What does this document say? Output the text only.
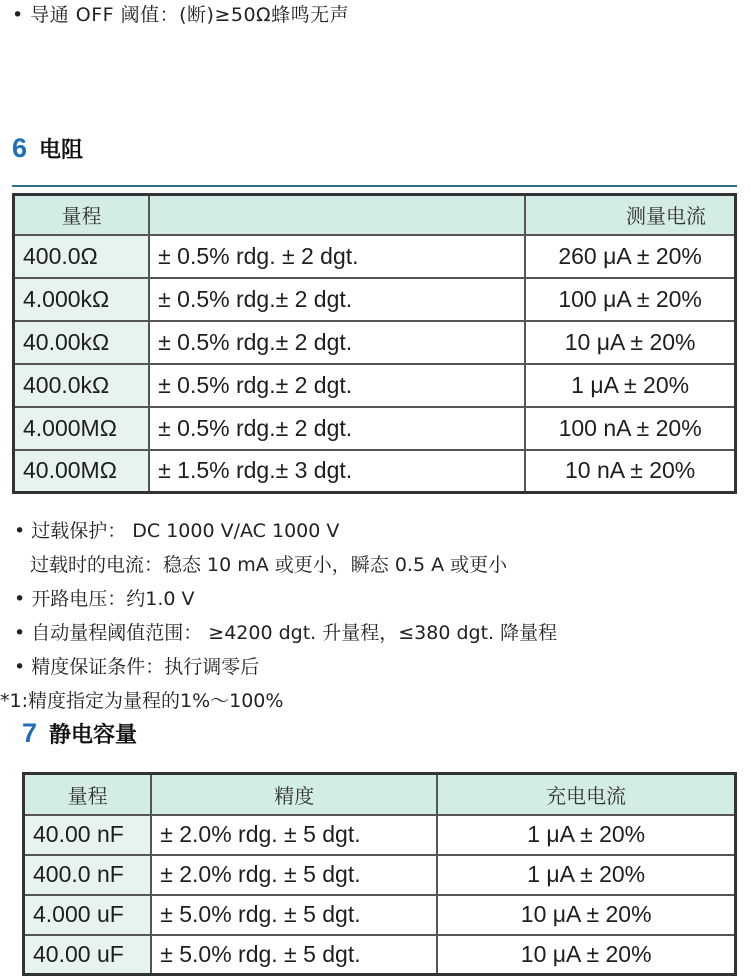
• 导通 OFF 阈值：(断)≥50Ω蜂鸣无声
6 电阻
量程		测量电流
400.0Ω	± 0.5% rdg. ± 2 dgt.	260 μA ± 20%
4.000kΩ	± 0.5% rdg.± 2 dgt.	100 μA ± 20%
40.00kΩ	± 0.5% rdg.± 2 dgt.	10 μA ± 20%
400.0kΩ	± 0.5% rdg.± 2 dgt.	1 μA ± 20%
4.000MΩ	± 0.5% rdg.± 2 dgt.	100 nA ± 20%
40.00MΩ	± 1.5% rdg.± 3 dgt.	10 nA ± 20%
• 过载保护： DC 1000 V/AC 1000 V
过载时的电流：稳态 10 mA 或更小，瞬态 0.5 A 或更小
• 开路电压：约1.0 V
• 自动量程阈值范围： ≥4200 dgt. 升量程，≤380 dgt. 降量程
• 精度保证条件：执行调零后
*1:精度指定为量程的1%～100%
7 静电容量
量程	精度	充电电流
40.00 nF	± 2.0% rdg. ± 5 dgt.	1 μA ± 20%
400.0 nF	± 2.0% rdg. ± 5 dgt.	1 μA ± 20%
4.000 uF	± 5.0% rdg. ± 5 dgt.	10 μA ± 20%
40.00 uF	± 5.0% rdg. ± 5 dgt.	10 μA ± 20%
